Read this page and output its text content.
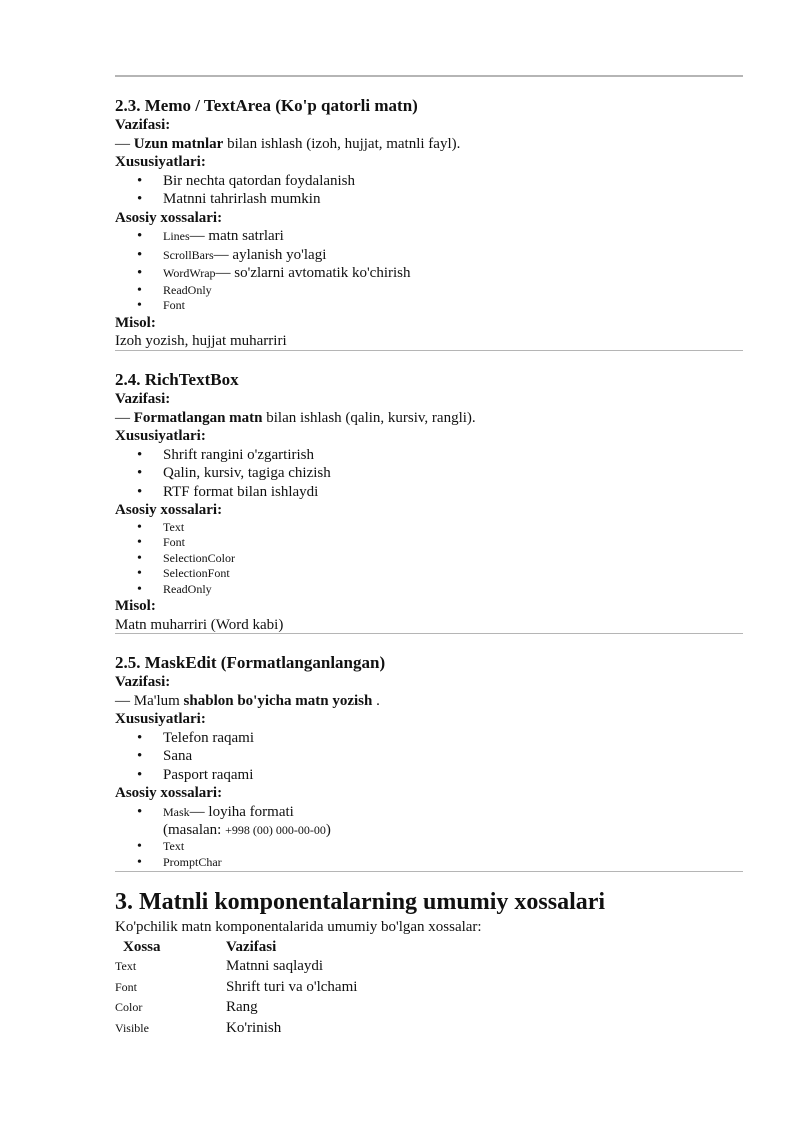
2.3. Memo / TextArea (Ko'p qatorli matn)
Vazifasi:
— Uzun matnlar bilan ishlash (izoh, hujjat, matnli fayl).
Xususiyatlari:
• Bir nechta qatordan foydalanish
• Matnni tahrirlash mumkin
Asosiy xossalari:
• Lines— matn satrlari
• ScrollBars— aylanish yo'lagi
• WordWrap— so'zlarni avtomatik ko'chirish
• ReadOnly
• Font
Misol:
Izoh yozish, hujjat muharriri
2.4. RichTextBox
Vazifasi:
— Formatlangan matn bilan ishlash (qalin, kursiv, rangli).
Xususiyatlari:
• Shrift rangini o'zgartirish
• Qalin, kursiv, tagiga chizish
• RTF format bilan ishlaydi
Asosiy xossalari:
• Text
• Font
• SelectionColor
• SelectionFont
• ReadOnly
Misol:
Matn muharriri (Word kabi)
2.5. MaskEdit (Formatlanganlangan)
Vazifasi:
— Ma'lum shablon bo'yicha matn yozish .
Xususiyatlari:
• Telefon raqami
• Sana
• Pasport raqami
Asosiy xossalari:
• Mask— loyiha formati
(masalan: +998 (00) 000-00-00)
• Text
• PromptChar
3. Matnli komponentalarning umumiy xossalari
Ko'pchilik matn komponentalarida umumiy bo'lgan xossalar:
Xossa	Vazifasi
Text	Matnni saqlaydi
Font	Shrift turi va o'lchami
Color	Rang
Visible	Ko'rinish
